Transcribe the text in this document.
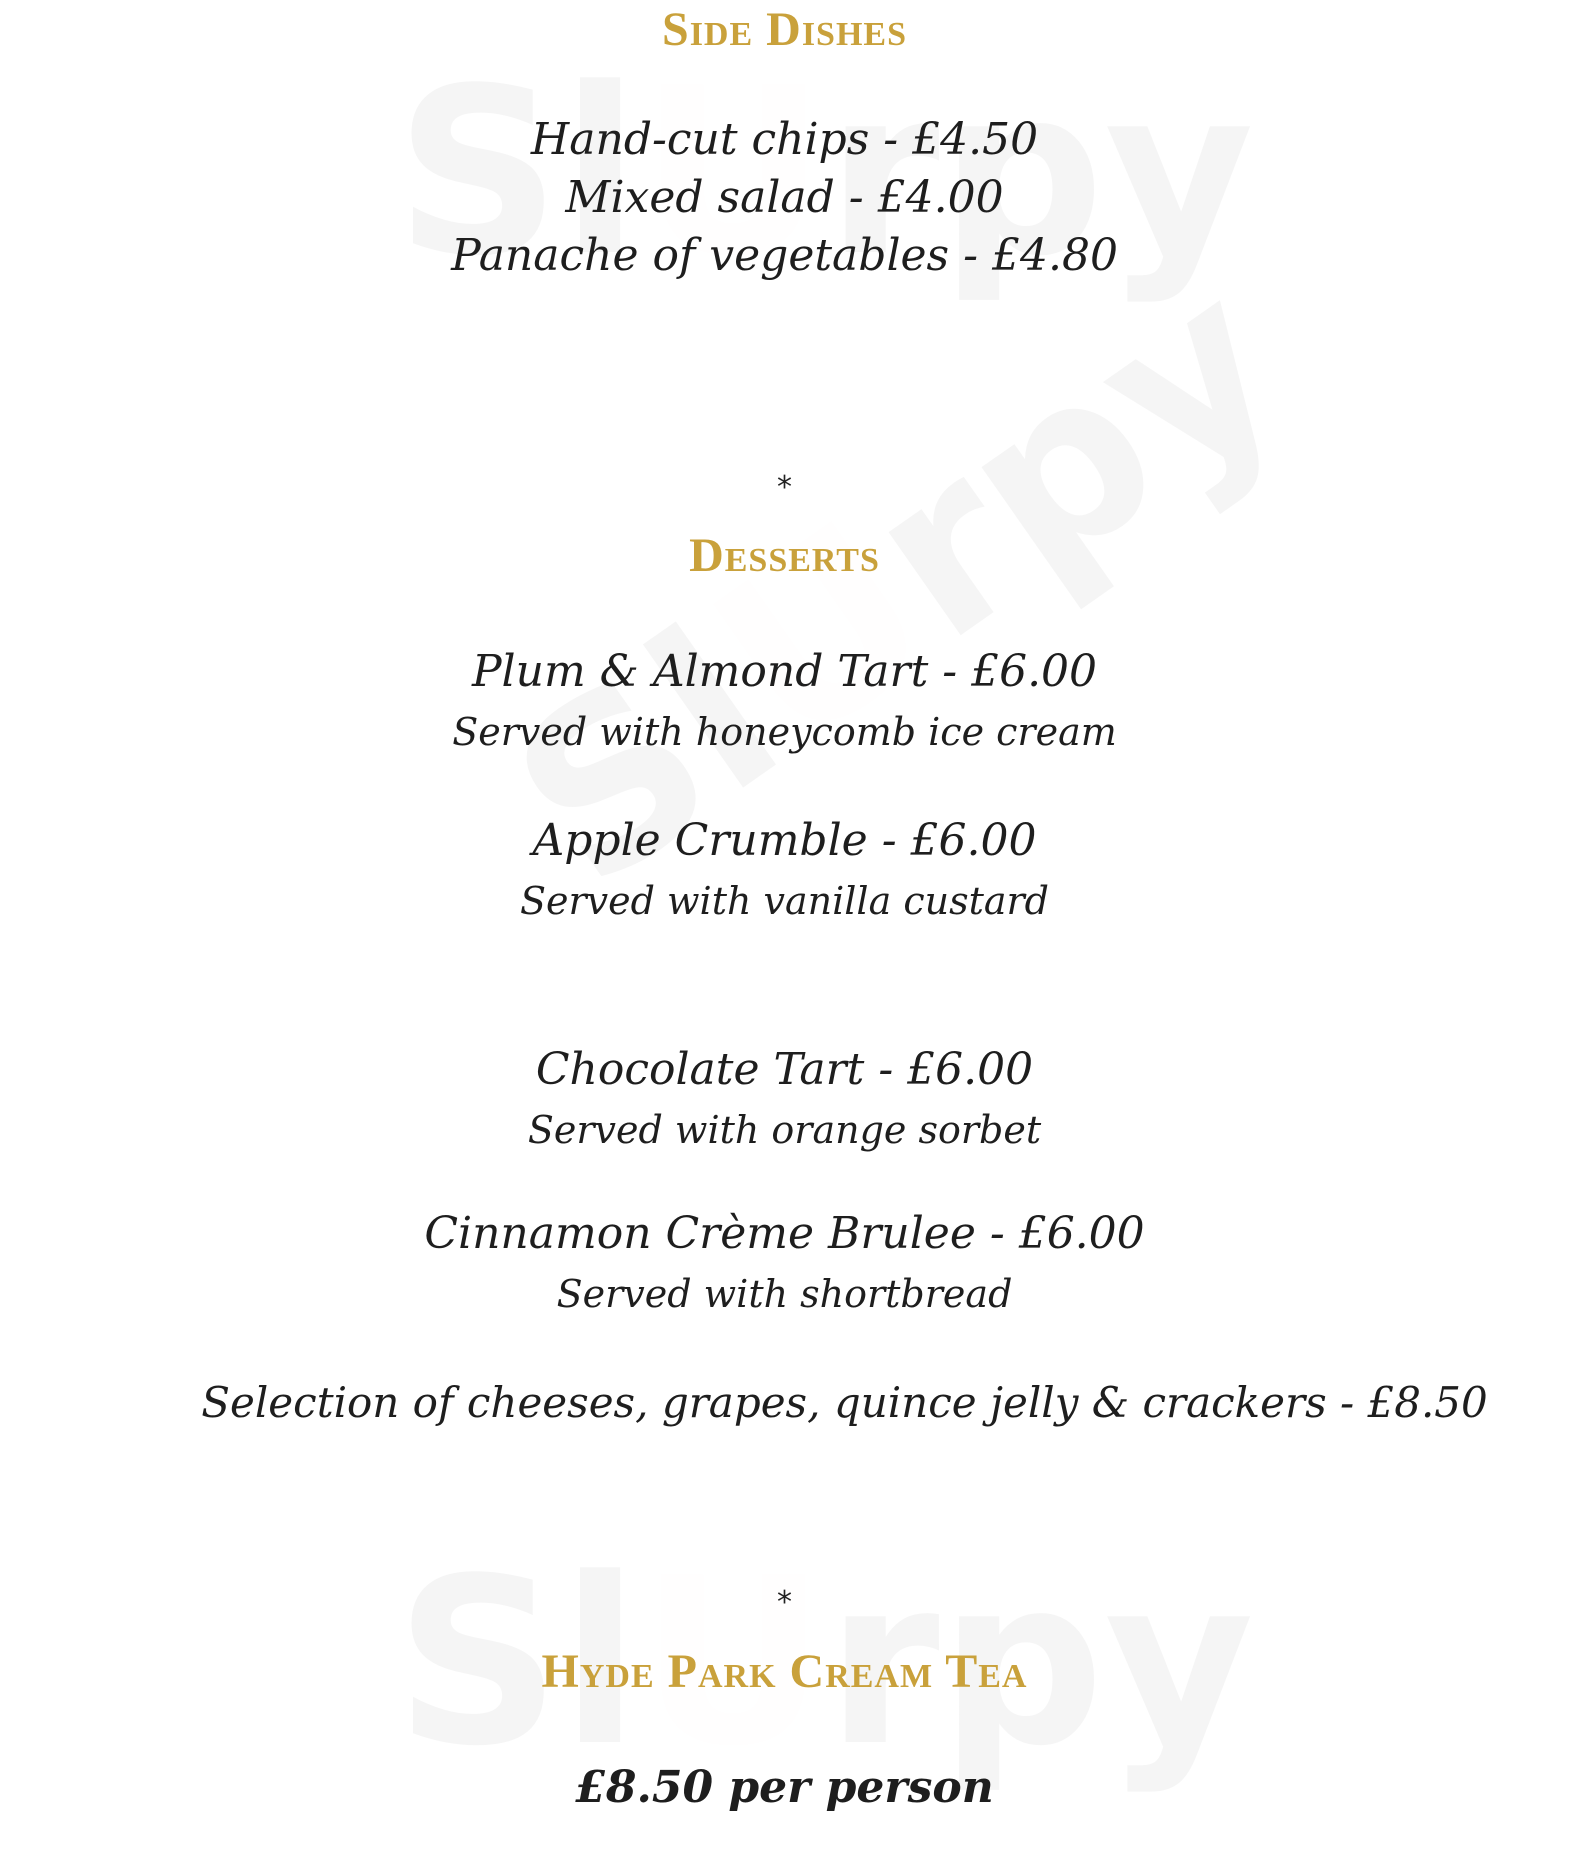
Side Dishes
Hand-cut chips - £4.50
Mixed salad - £4.00
Panache of vegetables - £4.80
*
Desserts
Plum & Almond Tart - £6.00
Served with honeycomb ice cream
Apple Crumble - £6.00
Served with vanilla custard
Chocolate Tart - £6.00
Served with orange sorbet
Cinnamon Crème Brulee - £6.00
Served with shortbread
Selection of cheeses, grapes, quince jelly & crackers - £8.50
*
Hyde Park Cream Tea
£8.50 per person
